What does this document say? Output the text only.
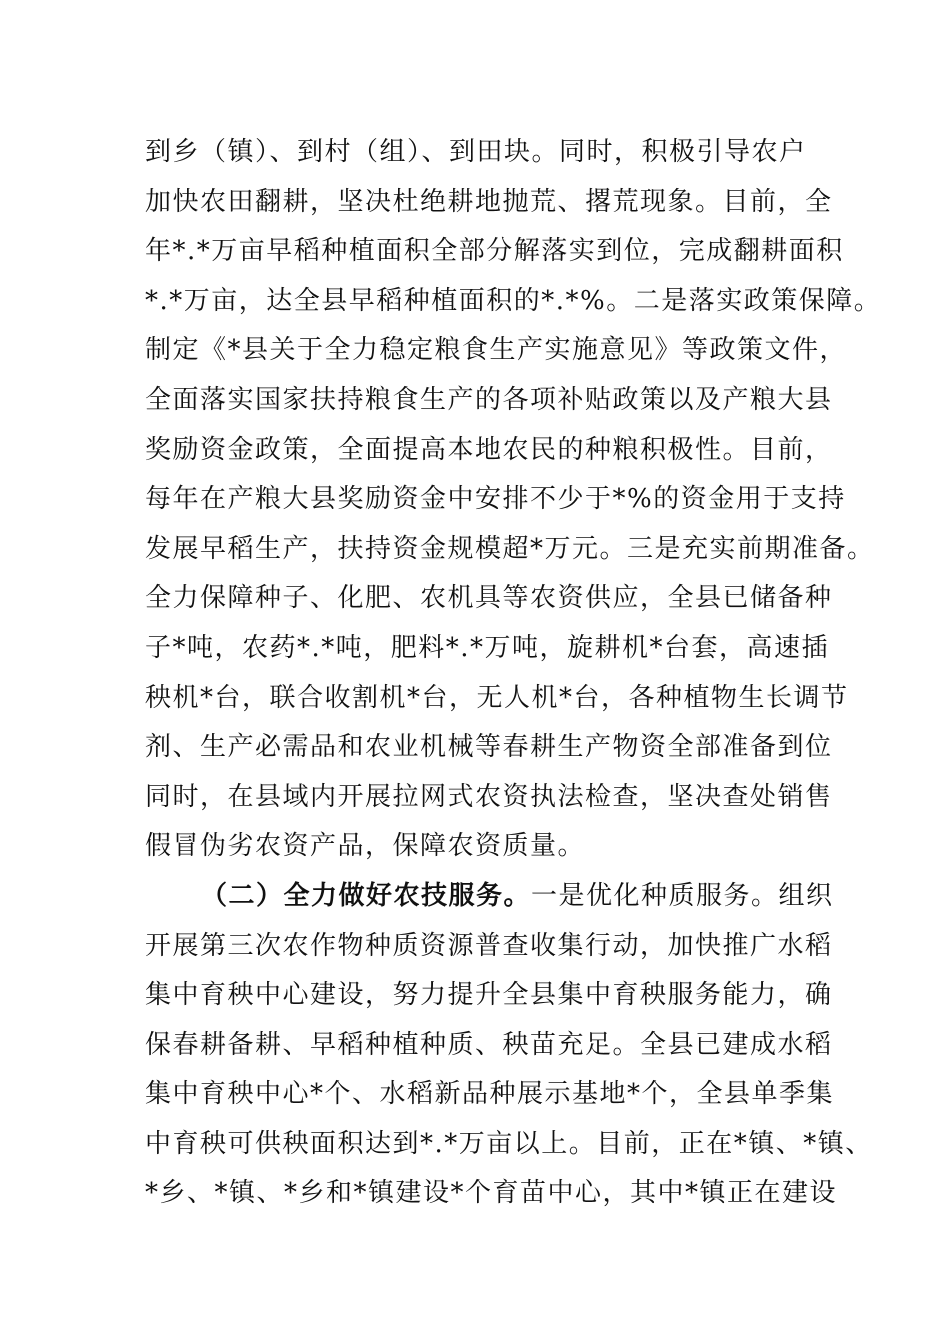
到乡（镇）、到村（组）、到田块。同时，积极引导农户
加快农田翻耕，坚决杜绝耕地抛荒、撂荒现象。目前，全
年*.*万亩早稻种植面积全部分解落实到位，完成翻耕面积
*.*万亩，达全县早稻种植面积的*.*%。二是落实政策保障。
制定《*县关于全力稳定粮食生产实施意见》等政策文件，
全面落实国家扶持粮食生产的各项补贴政策以及产粮大县
奖励资金政策，全面提高本地农民的种粮积极性。目前，
每年在产粮大县奖励资金中安排不少于*%的资金用于支持
发展早稻生产，扶持资金规模超*万元。三是充实前期准备。
全力保障种子、化肥、农机具等农资供应，全县已储备种
子*吨，农药*.*吨，肥料*.*万吨，旋耕机*台套，高速插
秧机*台，联合收割机*台，无人机*台，各种植物生长调节
剂、生产必需品和农业机械等春耕生产物资全部准备到位
同时，在县域内开展拉网式农资执法检查，坚决查处销售
假冒伪劣农资产品，保障农资质量。
（二）全力做好农技服务。一是优化种质服务。组织
开展第三次农作物种质资源普查收集行动，加快推广水稻
集中育秧中心建设，努力提升全县集中育秧服务能力，确
保春耕备耕、早稻种植种质、秧苗充足。全县已建成水稻
集中育秧中心*个、水稻新品种展示基地*个，全县单季集
中育秧可供秧面积达到*.*万亩以上。目前，正在*镇、*镇、
*乡、*镇、*乡和*镇建设*个育苗中心，其中*镇正在建设
